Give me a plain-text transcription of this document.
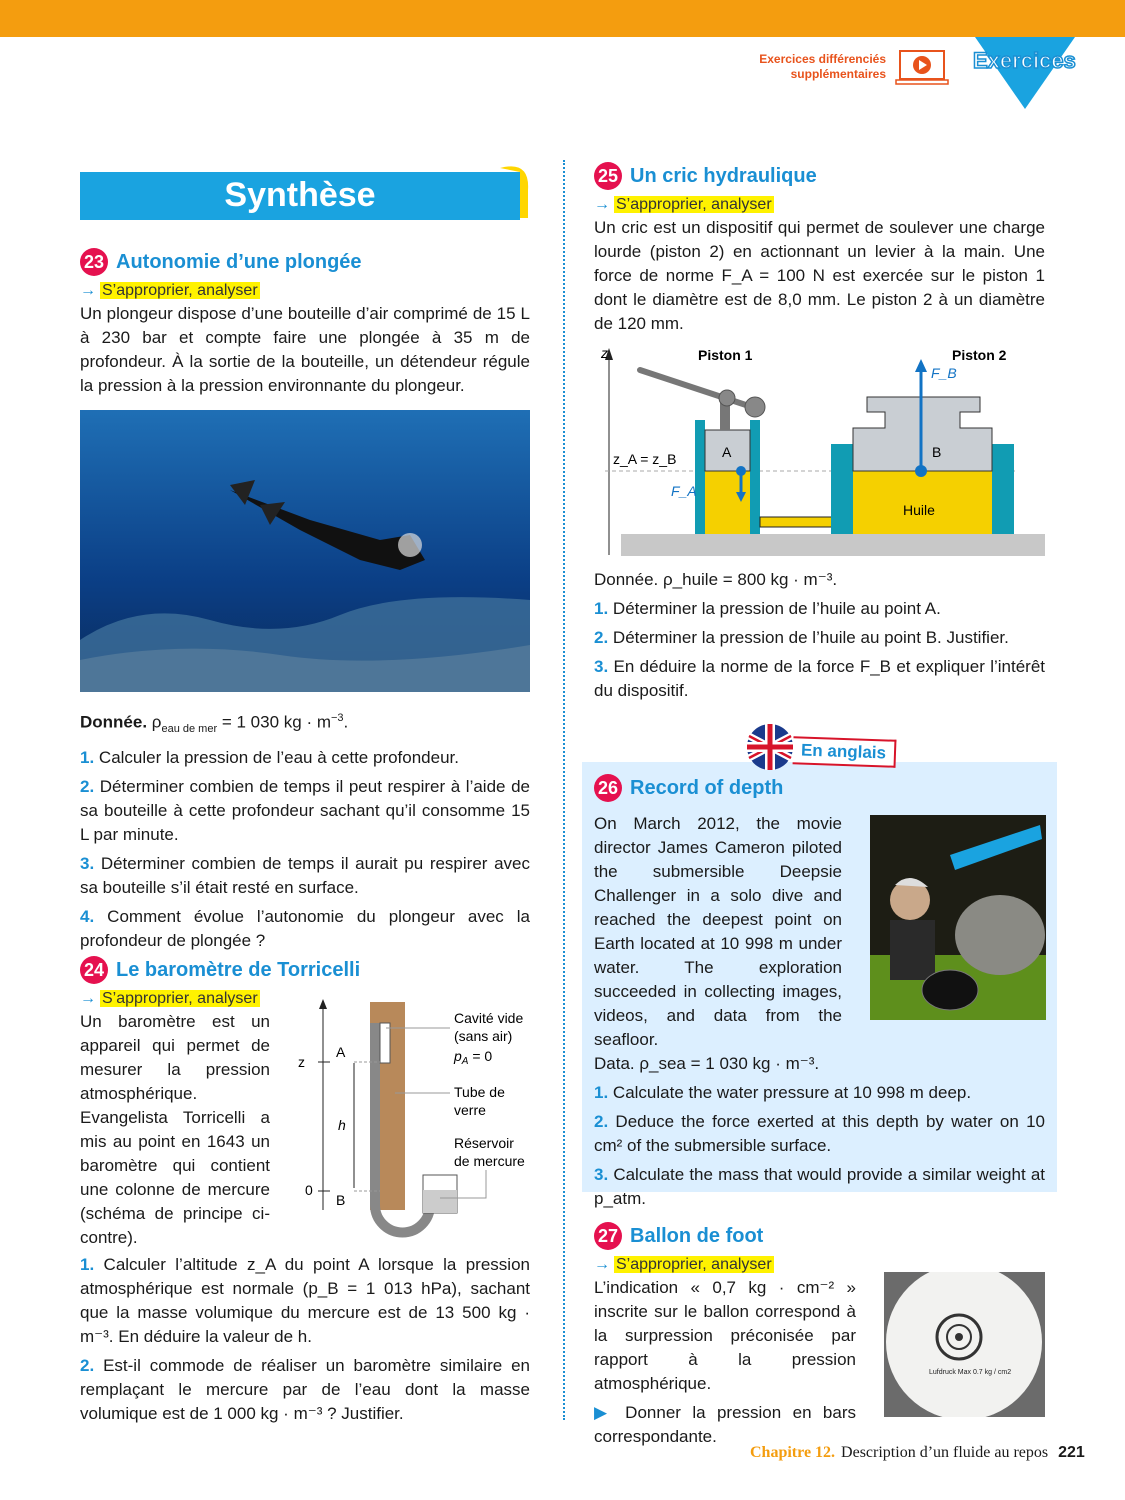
Exercices différenciés
supplémentaires
Exercices
Synthèse
23 Autonomie d’une plongée
→ S’approprier, analyser
Un plongeur dispose d’une bouteille d’air comprimé de 15 L à 230 bar et compte faire une plongée à 35 m de profondeur. À la sortie de la bouteille, un détendeur régule la pression à la pression environnante du plongeur.
Donnée. $\rho_{eau de mer} = 1$ 030 kg · $m^{-3}$.
1. Calculer la pression de l’eau à cette profondeur.
2. Déterminer combien de temps il peut respirer à l’aide de sa bouteille à cette profondeur sachant qu’il consomme 15 L par minute.
3. Déterminer combien de temps il aurait pu respirer avec sa bouteille s’il était resté en surface.
4. Comment évolue l’autonomie du plongeur avec la profondeur de plongée ?
24 Le baromètre de Torricelli
→ S’approprier, analyser
Un baromètre est un appareil qui permet de mesurer la pression atmosphérique. Evangelista Torricelli a mis au point en 1643 un baromètre qui contient une colonne de mercure (schéma de principe ci-contre).
z
A
B
0
h
Cavité vide
(sans air)
$p_A = 0$
Tube de
verre
Réservoir
de mercure
1. Calculer l’altitude z_A du point A lorsque la pression atmosphérique est normale (p_B = 1 013 hPa), sachant que la masse volumique du mercure est de 13 500 kg · m⁻³. En déduire la valeur de h.
2. Est-il commode de réaliser un baromètre similaire en remplaçant le mercure par de l’eau dont la masse volumique est de 1 000 kg · m⁻³ ? Justifier.
25 Un cric hydraulique
→ S’approprier, analyser
Un cric est un dispositif qui permet de soulever une charge lourde (piston 2) en actionnant un levier à la main. Une force de norme F_A = 100 N est exercée sur le piston 1 dont le diamètre est de 8,0 mm. Le piston 2 à un diamètre de 120 mm.
z	Piston 1	Piston 2
z_A = z_B	A	B
F_A
F_B
Huile
Donnée. ρ_huile = 800 kg · m⁻³.
1. Déterminer la pression de l’huile au point A.
2. Déterminer la pression de l’huile au point B. Justifier.
3. En déduire la norme de la force F_B et expliquer l’intérêt du dispositif.
En anglais
26 Record of depth
On March 2012, the movie director James Cameron piloted the submersible Deepsie Challenger in a solo dive and reached the deepest point on Earth located at 10 998 m under water. The exploration succeeded in collecting images, videos, and data from the seafloor.
Data. ρ_sea = 1 030 kg · m⁻³.
1. Calculate the water pressure at 10 998 m deep.
2. Deduce the force exerted at this depth by water on 10 cm² of the submersible surface.
3. Calculate the mass that would provide a similar weight at p_atm.
27 Ballon de foot
→ S’approprier, analyser
L’indication « 0,7 kg · cm⁻² » inscrite sur le ballon correspond à la surpression préconisée par rapport à la pression atmosphérique.
▶ Donner la pression en bars correspondante.
Lufdruck Max 0.7 kg / cm2
Chapitre 12. Description d’un fluide au repos 221
